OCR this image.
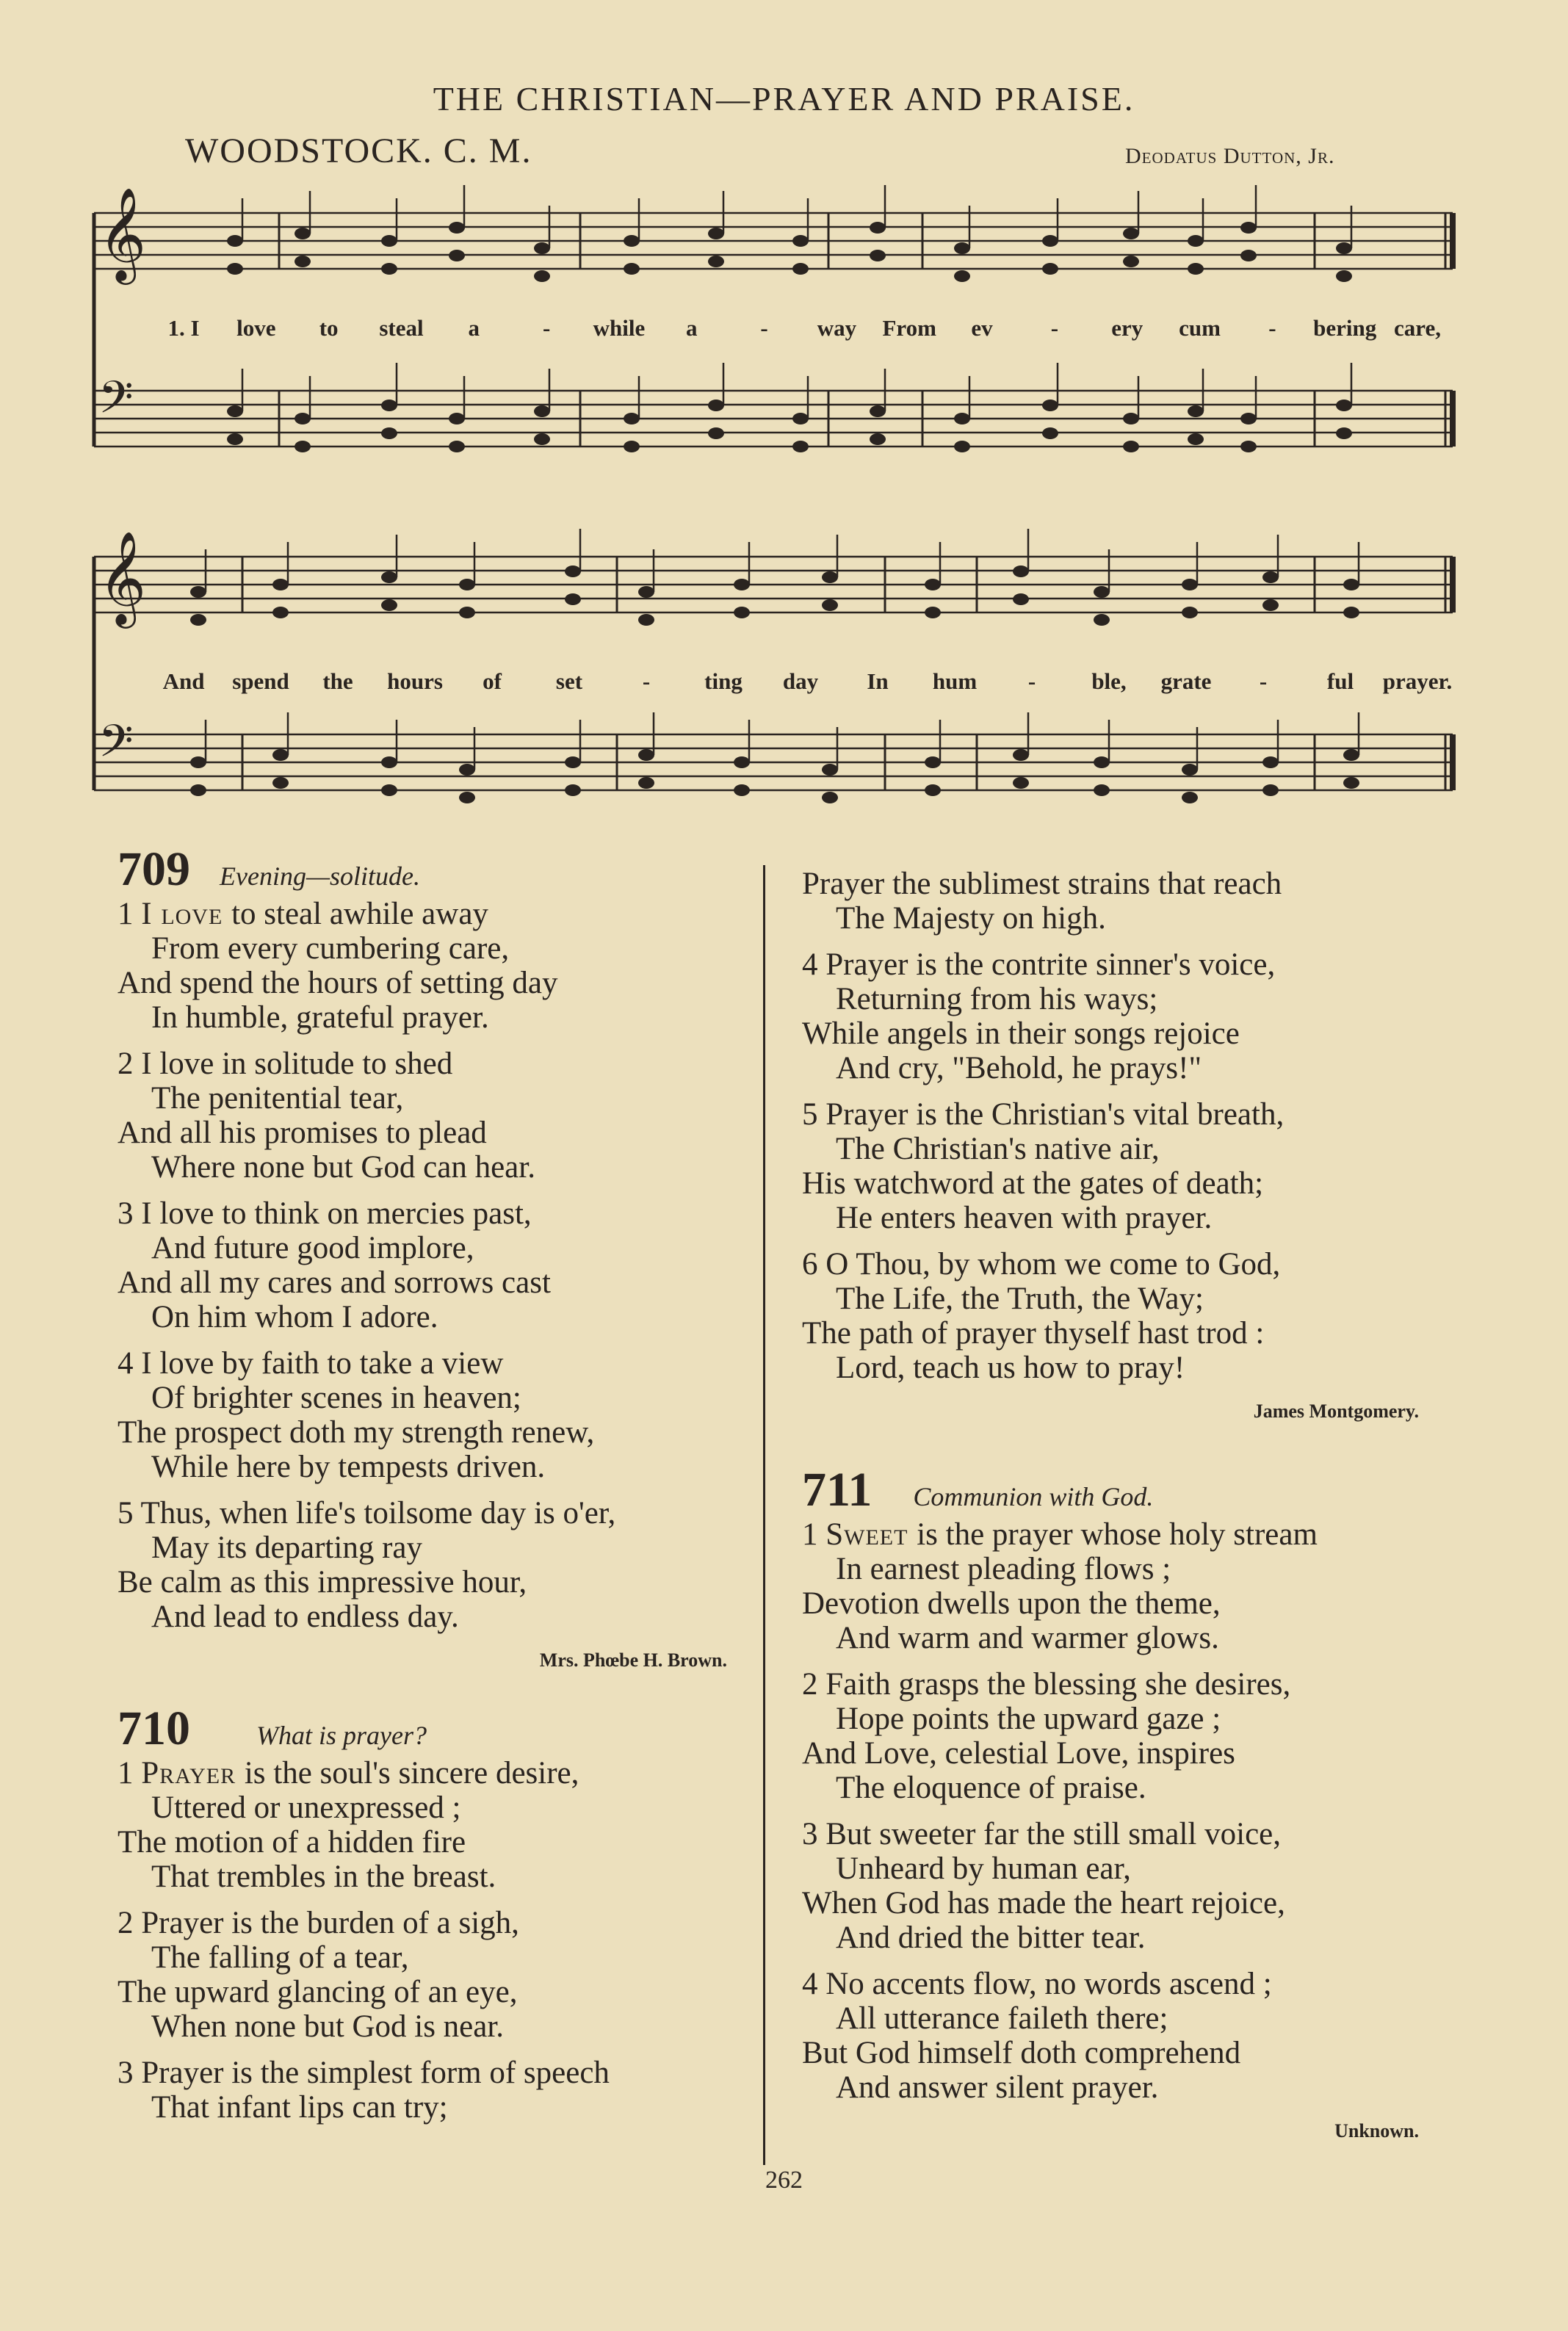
THE CHRISTIAN—PRAYER AND PRAISE.
WOODSTOCK. C. M.	Deodatus Dutton, Jr.
𝄞
𝄢
𝄞
𝄢
1. I love to steal a	- while a	- way From ev	- ery cum - bering care,
And spend the hours of set	- ting day In hum - ble, grate -	ful prayer.
709 Evening—solitude.
1 I love to steal awhile away
From every cumbering care,
And spend the hours of setting day
In humble, grateful prayer.
2 I love in solitude to shed
The penitential tear,
And all his promises to plead
Where none but God can hear.
3 I love to think on mercies past,
And future good implore,
And all my cares and sorrows cast
On him whom I adore.
4 I love by faith to take a view
Of brighter scenes in heaven;
The prospect doth my strength renew,
While here by tempests driven.
5 Thus, when life's toilsome day is o'er,
May its departing ray
Be calm as this impressive hour,
And lead to endless day.
Mrs. Phœbe H. Brown.
710	What is prayer?
1 Prayer is the soul's sincere desire,
Uttered or unexpressed ;
The motion of a hidden fire
That trembles in the breast.
2 Prayer is the burden of a sigh,
The falling of a tear,
The upward glancing of an eye,
When none but God is near.
3 Prayer is the simplest form of speech
That infant lips can try;
Prayer the sublimest strains that reach
The Majesty on high.
4 Prayer is the contrite sinner's voice,
Returning from his ways;
While angels in their songs rejoice
And cry, "Behold, he prays!"
5 Prayer is the Christian's vital breath,
The Christian's native air,
His watchword at the gates of death;
He enters heaven with prayer.
6 O Thou, by whom we come to God,
The Life, the Truth, the Way;
The path of prayer thyself hast trod :
Lord, teach us how to pray!
James Montgomery.
711 Communion with God.
1 Sweet is the prayer whose holy stream
In earnest pleading flows ;
Devotion dwells upon the theme,
And warm and warmer glows.
2 Faith grasps the blessing she desires,
Hope points the upward gaze ;
And Love, celestial Love, inspires
The eloquence of praise.
3 But sweeter far the still small voice,
Unheard by human ear,
When God has made the heart rejoice,
And dried the bitter tear.
4 No accents flow, no words ascend ;
All utterance faileth there;
But God himself doth comprehend
And answer silent prayer.
Unknown.
262
